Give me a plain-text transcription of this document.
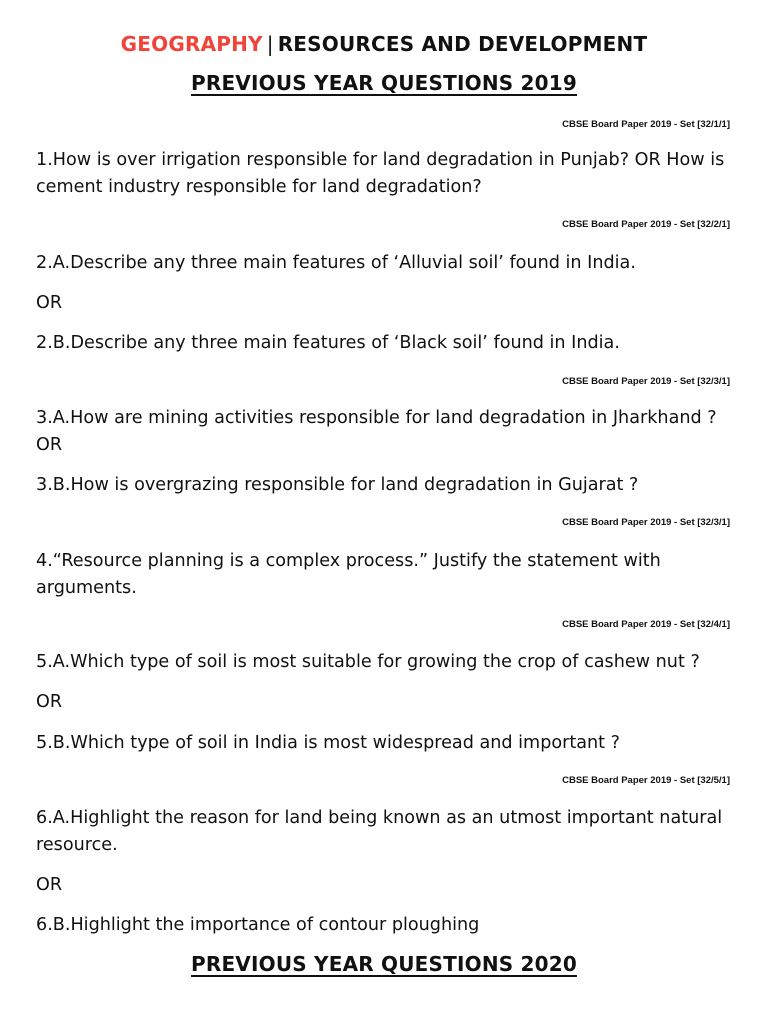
GEOGRAPHY | RESOURCES AND DEVELOPMENT
PREVIOUS YEAR QUESTIONS 2019
CBSE Board Paper 2019 - Set [32/1/1]
1.How is over irrigation responsible for land degradation in Punjab? OR How is cement industry responsible for land degradation?
CBSE Board Paper 2019 - Set [32/2/1]
2.A.Describe any three main features of ‘Alluvial soil’ found in India.
OR
2.B.Describe any three main features of ‘Black soil’ found in India.
CBSE Board Paper 2019 - Set [32/3/1]
3.A.How are mining activities responsible for land degradation in Jharkhand ? OR
3.B.How is overgrazing responsible for land degradation in Gujarat ?
CBSE Board Paper 2019 - Set [32/3/1]
4.“Resource planning is a complex process.” Justify the statement with arguments.
CBSE Board Paper 2019 - Set [32/4/1]
5.A.Which type of soil is most suitable for growing the crop of cashew nut ?
OR
5.B.Which type of soil in India is most widespread and important ?
CBSE Board Paper 2019 - Set [32/5/1]
6.A.Highlight the reason for land being known as an utmost important natural resource.
OR
6.B.Highlight the importance of contour ploughing
PREVIOUS YEAR QUESTIONS 2020
